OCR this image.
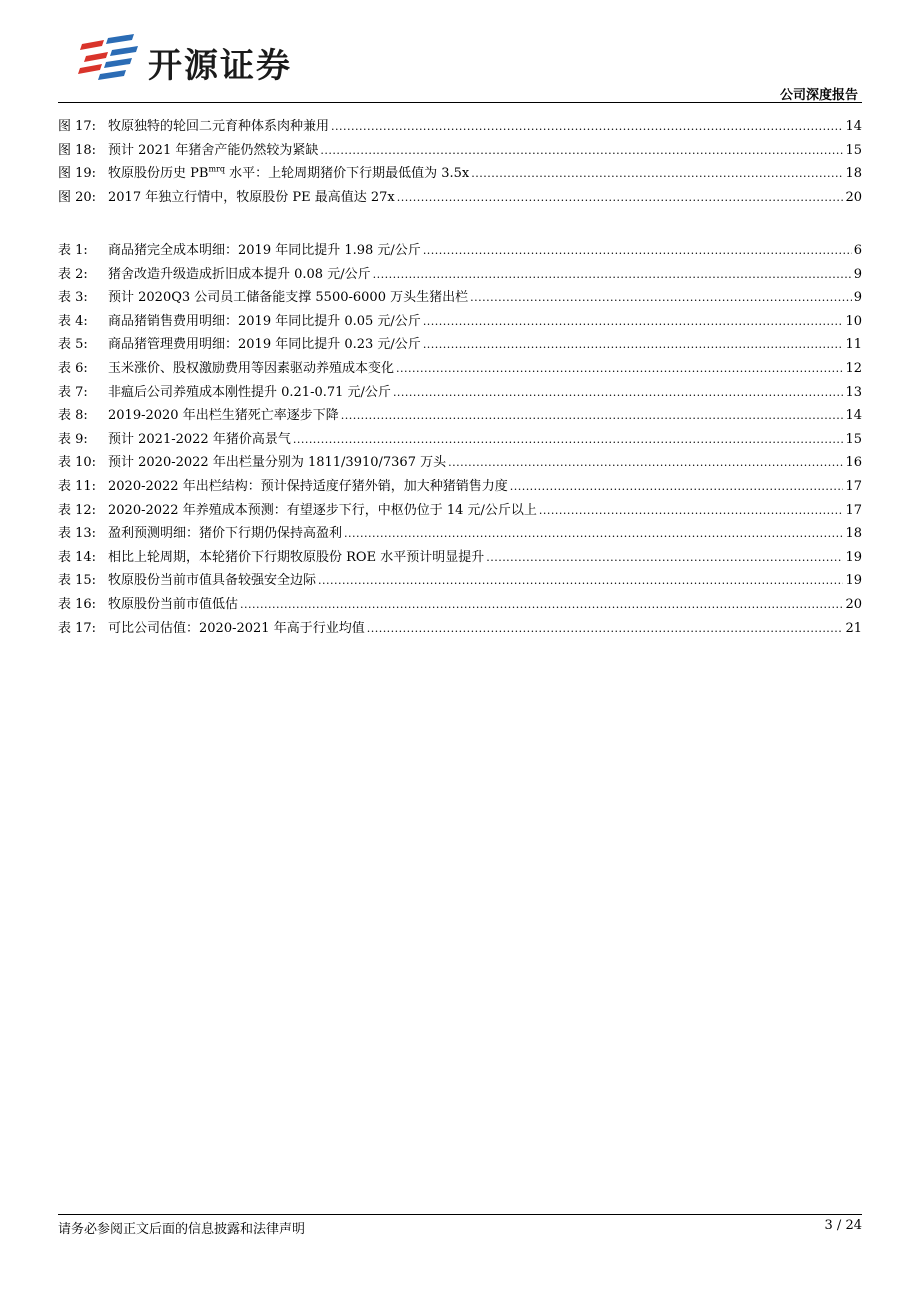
开源证券
公司深度报告
图 17: 牧原独特的轮回二元育种体系肉种兼用 .....	14
图 18: 预计 2021 年猪舍产能仍然较为紧缺 .....	15
图 19: 牧原股份历史 $PB^{mrq}$ 水平：上轮周期猪价下行期最低值为 3.5x .....	18
图 20: 2017 年独立行情中，牧原股份 PE 最高值达 27x .....	20
表 1:	商品猪完全成本明细：2019 年同比提升 1.98 元/公斤 .....	6
表 2:	猪舍改造升级造成折旧成本提升 0.08 元/公斤 .....	9
表 3:	预计 2020Q3 公司员工储备能支撑 5500-6000 万头生猪出栏 .....	9
表 4:	商品猪销售费用明细：2019 年同比提升 0.05 元/公斤 .....	10
表 5:	商品猪管理费用明细：2019 年同比提升 0.23 元/公斤 .....	11
表 6:	玉米涨价、股权激励费用等因素驱动养殖成本变化 .....	12
表 7:	非瘟后公司养殖成本刚性提升 0.21-0.71 元/公斤 .....	13
表 8:	2019-2020 年出栏生猪死亡率逐步下降 .....	14
表 9:	预计 2021-2022 年猪价高景气 .....	15
表 10: 预计 2020-2022 年出栏量分别为 1811/3910/7367 万头 .....	16
表 11: 2020-2022 年出栏结构：预计保持适度仔猪外销，加大种猪销售力度 .....	17
表 12: 2020-2022 年养殖成本预测：有望逐步下行，中枢仍位于 14 元/公斤以上 .....	17
表 13: 盈利预测明细：猪价下行期仍保持高盈利 .....	18
表 14: 相比上轮周期，本轮猪价下行期牧原股份 ROE 水平预计明显提升 .....	19
表 15: 牧原股份当前市值具备较强安全边际 .....	19
表 16: 牧原股份当前市值低估 .....	20
表 17: 可比公司估值：2020-2021 年高于行业均值 .....	21
请务必参阅正文后面的信息披露和法律声明	3 / 24
